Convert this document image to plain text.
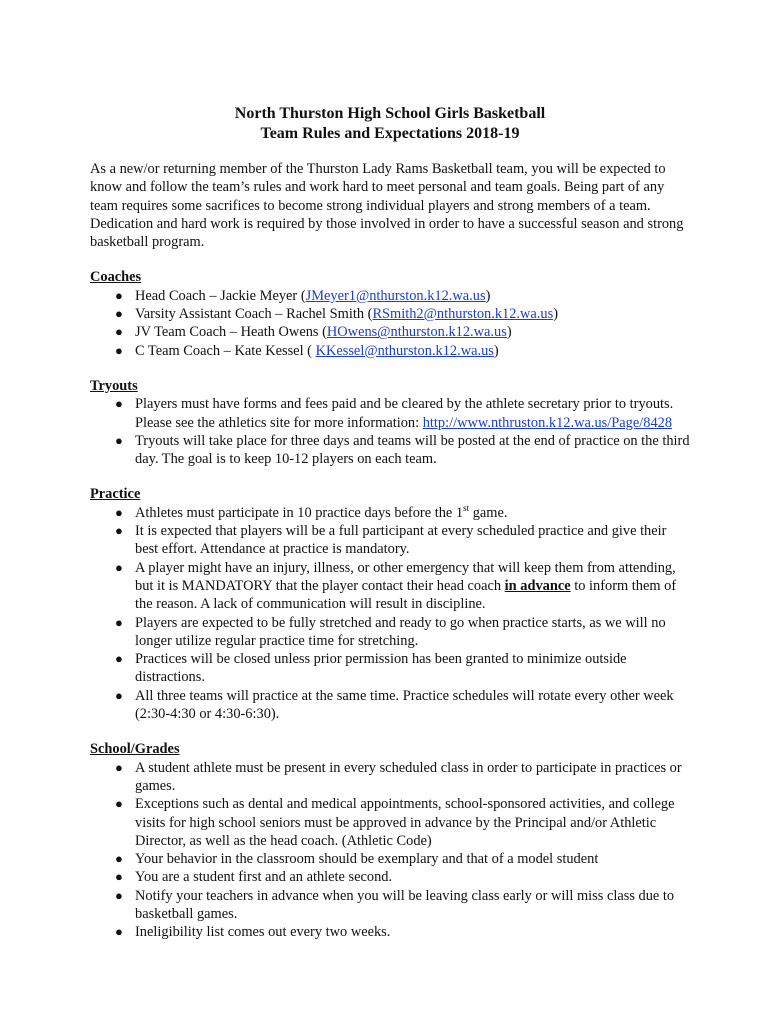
North Thurston High School Girls Basketball
Team Rules and Expectations 2018-19

As a new/or returning member of the Thurston Lady Rams Basketball team, you will be expected to know and follow the team’s rules and work hard to meet personal and team goals. Being part of any team requires some sacrifices to become strong individual players and strong members of a team. Dedication and hard work is required by those involved in order to have a successful season and strong basketball program.

Coaches

● Head Coach – Jackie Meyer (JMeyer1@nthurston.k12.wa.us)
● Varsity Assistant Coach – Rachel Smith (RSmith2@nthurston.k12.wa.us)
● JV Team Coach – Heath Owens (HOwens@nthurston.k12.wa.us)
● C Team Coach – Kate Kessel ( KKessel@nthurston.k12.wa.us)

Tryouts

● Players must have forms and fees paid and be cleared by the athlete secretary prior to tryouts. Please see the athletics site for more information: http://www.nthruston.k12.wa.us/Page/8428
● Tryouts will take place for three days and teams will be posted at the end of practice on the third day. The goal is to keep 10-12 players on each team.

Practice

● Athletes must participate in 10 practice days before the 1st game.
● It is expected that players will be a full participant at every scheduled practice and give their best effort. Attendance at practice is mandatory.
● A player might have an injury, illness, or other emergency that will keep them from attending, but it is MANDATORY that the player contact their head coach in advance to inform them of the reason. A lack of communication will result in discipline.
● Players are expected to be fully stretched and ready to go when practice starts, as we will no longer utilize regular practice time for stretching.
● Practices will be closed unless prior permission has been granted to minimize outside distractions.
● All three teams will practice at the same time. Practice schedules will rotate every other week (2:30-4:30 or 4:30-6:30).

School/Grades

● A student athlete must be present in every scheduled class in order to participate in practices or games.
● Exceptions such as dental and medical appointments, school-sponsored activities, and college visits for high school seniors must be approved in advance by the Principal and/or Athletic Director, as well as the head coach. (Athletic Code)
● Your behavior in the classroom should be exemplary and that of a model student
● You are a student first and an athlete second.
● Notify your teachers in advance when you will be leaving class early or will miss class due to basketball games.
● Ineligibility list comes out every two weeks.
